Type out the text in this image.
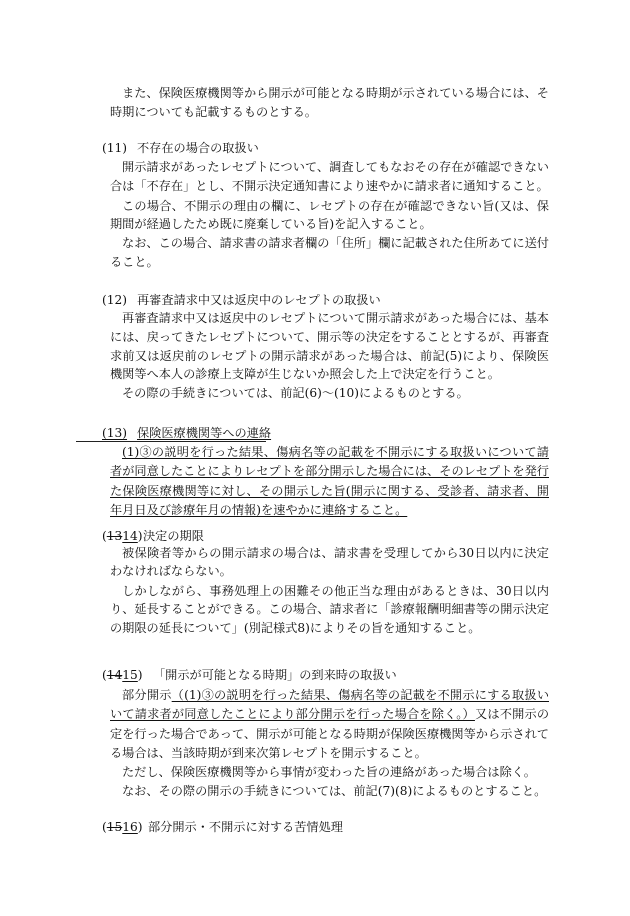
また、保険医療機関等から開示が可能となる時期が示されている場合には、そ
時期についても記載するものとする。
(11) 不存在の場合の取扱い
開示請求があったレセプトについて、調査してもなおその存在が確認できない
合は「不存在」とし、不開示決定通知書により速やかに請求者に通知すること。
この場合、不開示の理由の欄に、レセプトの存在が確認できない旨(又は、保
期間が経過したため既に廃棄している旨)を記入すること。
なお、この場合、請求書の請求者欄の「住所」欄に記載された住所あてに送付
ること。
(12) 再審査請求中又は返戻中のレセプトの取扱い
再審査請求中又は返戻中のレセプトについて開示請求があった場合には、基本
には、戻ってきたレセプトについて、開示等の決定をすることとするが、再審査
求前又は返戻前のレセプトの開示請求があった場合は、前記(5)により、保険医
機関等へ本人の診療上支障が生じないか照会した上で決定を行うこと。
その際の手続きについては、前記(6)～(10)によるものとする。
(13) 保険医療機関等への連絡
(1)③の説明を行った結果、傷病名等の記載を不開示にする取扱いについて請
者が同意したことによりレセプトを部分開示した場合には、そのレセプトを発行
た保険医療機関等に対し、その開示した旨(開示に関する、受診者、請求者、開
年月日及び診療年月の情報)を速やかに連絡すること。
(1314) 決定の期限
被保険者等からの開示請求の場合は、請求書を受理してから30日以内に決定
わなければならない。
しかしながら、事務処理上の困難その他正当な理由があるときは、30日以内
り、延長することができる。この場合、請求者に「診療報酬明細書等の開示決定
の期限の延長について」(別記様式8)によりその旨を通知すること。
(1415) 「開示が可能となる時期」の到来時の取扱い
部分開示（(1)③の説明を行った結果、傷病名等の記載を不開示にする取扱い
いて請求者が同意したことにより部分開示を行った場合を除く。）又は不開示の
定を行った場合であって、開示が可能となる時期が保険医療機関等から示されて
る場合は、当該時期が到来次第レセプトを開示すること。
ただし、保険医療機関等から事情が変わった旨の連絡があった場合は除く。
なお、その際の開示の手続きについては、前記(7)(8)によるものとすること。
(1516) 部分開示・不開示に対する苦情処理
